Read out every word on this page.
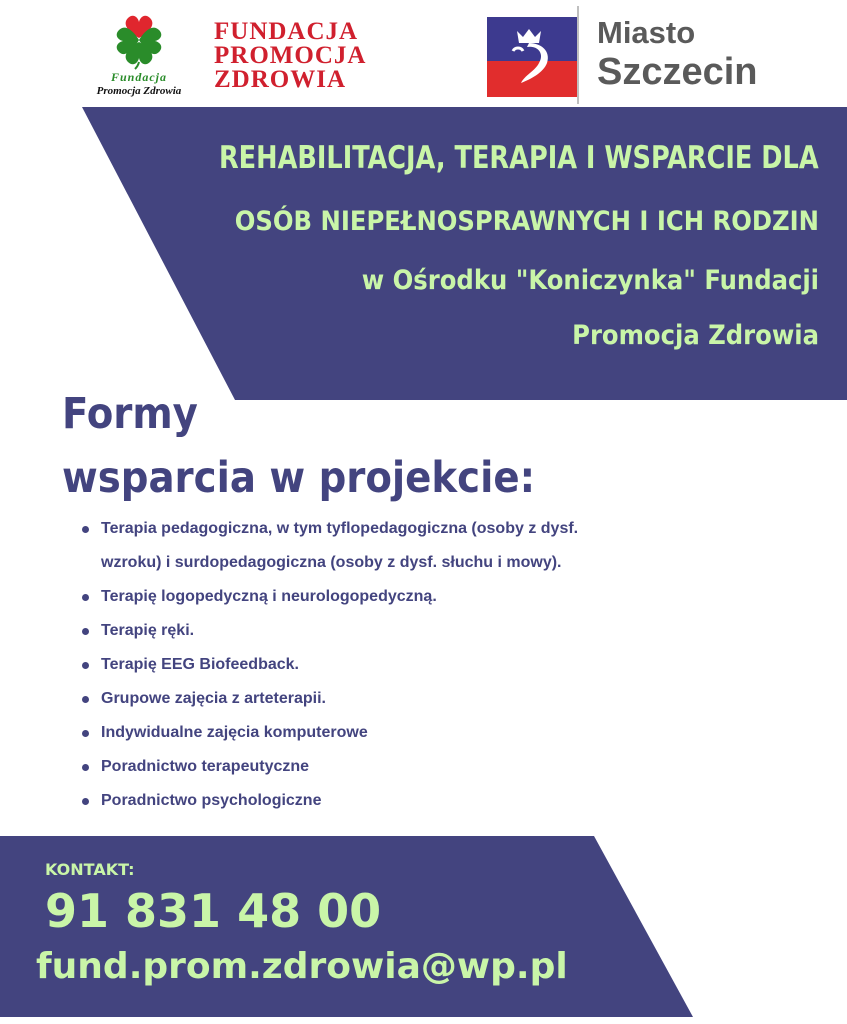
Fundacja
Promocja Zdrowia
FUNDACJA
PROMOCJA
ZDROWIA
Miasto
Szczecin
REHABILITACJA, TERAPIA I WSPARCIE DLA
OSÓB NIEPEŁNOSPRAWNYCH I ICH RODZIN
w Ośrodku "Koniczynka" Fundacji
Promocja Zdrowia
Formy
wsparcia w projekcie:
Terapia pedagogiczna, w tym tyflopedagogiczna (osoby z dysf.
wzroku) i surdopedagogiczna (osoby z dysf. słuchu i mowy).
Terapię logopedyczną i neurologopedyczną.
Terapię ręki.
Terapię EEG Biofeedback.
Grupowe zajęcia z arteterapii.
Indywidualne zajęcia komputerowe
Poradnictwo terapeutyczne
Poradnictwo psychologiczne
KONTAKT:
91 831 48 00
fund.prom.zdrowia@wp.pl
